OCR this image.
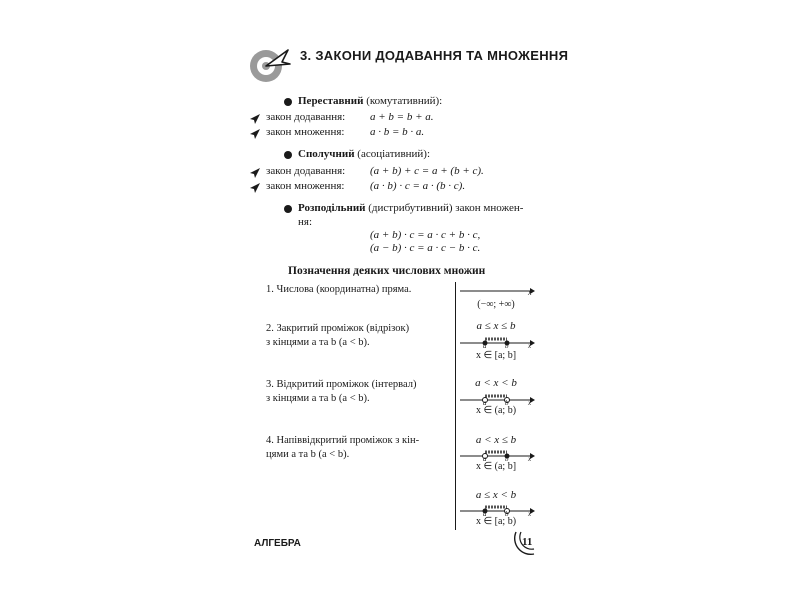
3. ЗАКОНИ ДОДАВАННЯ ТА МНОЖЕННЯ
Переставний (комутативний):
закон додавання: a + b = b + a.
закон множення: a · b = b · a.
Сполучний (асоціативний):
закон додавання: (a + b) + c = a + (b + c).
закон множення: (a · b) · c = a · (b · c).
Розподільний (дистрибутивний) закон множен-
ня:
(a + b) · c = a · c + b · c,
(a − b) · c = a · c − b · c.
Позначення деяких числових множин
1. Числова (координатна) пряма.	x
(−∞; +∞)
2. Закритий проміжок (відрізок)
з кінцями a та b (a < b).
a ≤ x ≤ b
a	b	x
x ∈ [a; b]
3. Відкритий проміжок (інтервал)
з кінцями a та b (a < b).
a < x < b
a	b	x
x ∈ (a; b)
4. Напіввідкритий проміжок з кін-
цями a та b (a < b).
a < x ≤ b
a	b	x
x ∈ (a; b]
a ≤ x < b
a	b	x
x ∈ [a; b)
АЛГЕБРА	11
